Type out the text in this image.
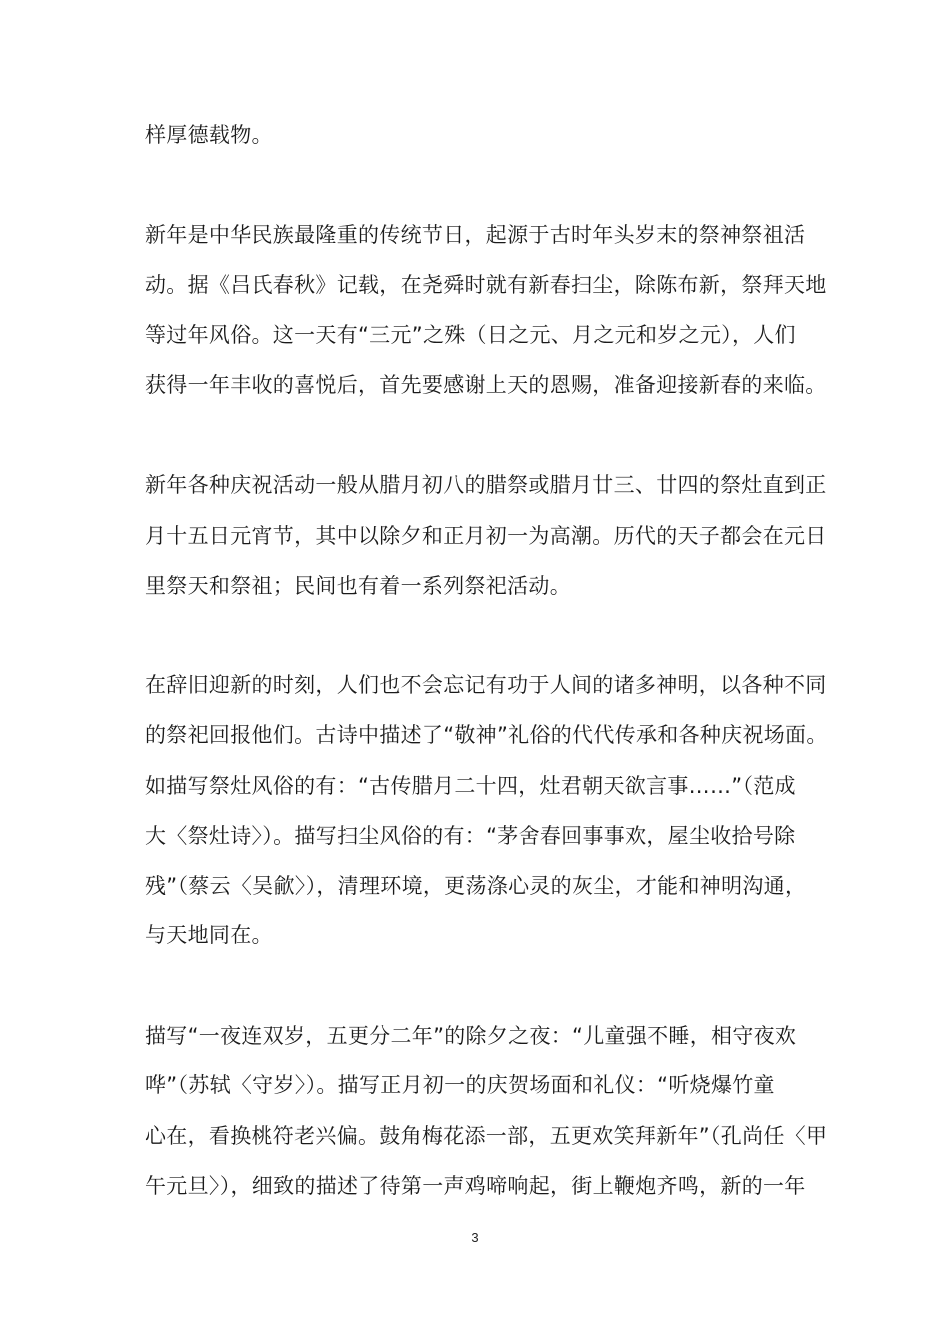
样厚德载物。

新年是中华民族最隆重的传统节日，起源于古时年头岁末的祭神祭祖活

动。据《吕氏春秋》记载，在尧舜时就有新春扫尘，除陈布新，祭拜天地

等过年风俗。这一天有“三元”之殊（日之元、月之元和岁之元），人们

获得一年丰收的喜悦后，首先要感谢上天的恩赐，准备迎接新春的来临。

新年各种庆祝活动一般从腊月初八的腊祭或腊月廿三、廿四的祭灶直到正

月十五日元宵节，其中以除夕和正月初一为高潮。历代的天子都会在元日

里祭天和祭祖；民间也有着一系列祭祀活动。

在辞旧迎新的时刻，人们也不会忘记有功于人间的诸多神明，以各种不同

的祭祀回报他们。古诗中描述了“敬神”礼俗的代代传承和各种庆祝场面。

如描写祭灶风俗的有：“古传腊月二十四，灶君朝天欲言事……”（范成

大〈祭灶诗〉）。描写扫尘风俗的有：“茅舍春回事事欢，屋尘收拾号除

残”（蔡云〈吴歈〉），清理环境，更荡涤心灵的灰尘，才能和神明沟通，

与天地同在。

描写“一夜连双岁，五更分二年”的除夕之夜：“儿童强不睡，相守夜欢

哗”（苏轼〈守岁〉）。描写正月初一的庆贺场面和礼仪：“听烧爆竹童

心在，看换桃符老兴偏。鼓角梅花添一部，五更欢笑拜新年”（孔尚任〈甲

午元旦〉），细致的描述了待第一声鸡啼响起，街上鞭炮齐鸣，新的一年

3
